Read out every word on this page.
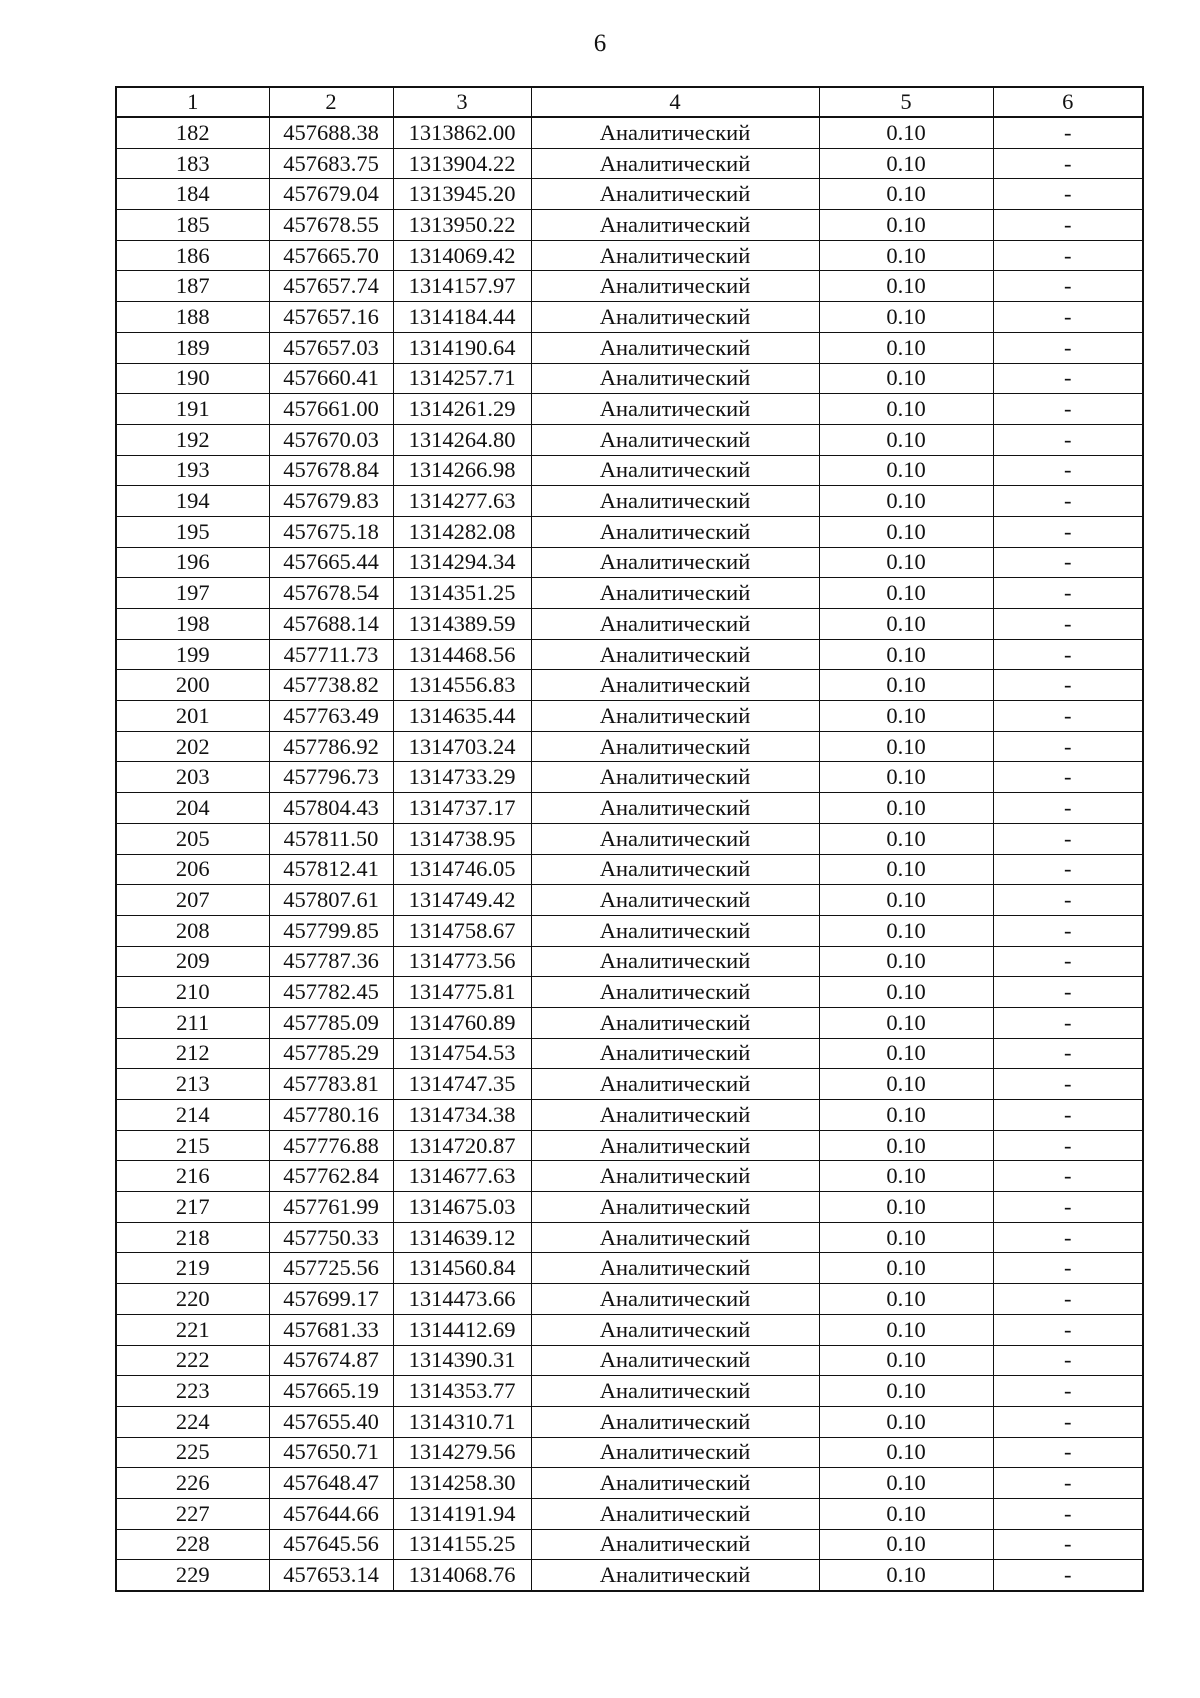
6
1	2	3	4	5	6
182	457688.38	1313862.00	Аналитический	0.10	-
183	457683.75	1313904.22	Аналитический	0.10	-
184	457679.04	1313945.20	Аналитический	0.10	-
185	457678.55	1313950.22	Аналитический	0.10	-
186	457665.70	1314069.42	Аналитический	0.10	-
187	457657.74	1314157.97	Аналитический	0.10	-
188	457657.16	1314184.44	Аналитический	0.10	-
189	457657.03	1314190.64	Аналитический	0.10	-
190	457660.41	1314257.71	Аналитический	0.10	-
191	457661.00	1314261.29	Аналитический	0.10	-
192	457670.03	1314264.80	Аналитический	0.10	-
193	457678.84	1314266.98	Аналитический	0.10	-
194	457679.83	1314277.63	Аналитический	0.10	-
195	457675.18	1314282.08	Аналитический	0.10	-
196	457665.44	1314294.34	Аналитический	0.10	-
197	457678.54	1314351.25	Аналитический	0.10	-
198	457688.14	1314389.59	Аналитический	0.10	-
199	457711.73	1314468.56	Аналитический	0.10	-
200	457738.82	1314556.83	Аналитический	0.10	-
201	457763.49	1314635.44	Аналитический	0.10	-
202	457786.92	1314703.24	Аналитический	0.10	-
203	457796.73	1314733.29	Аналитический	0.10	-
204	457804.43	1314737.17	Аналитический	0.10	-
205	457811.50	1314738.95	Аналитический	0.10	-
206	457812.41	1314746.05	Аналитический	0.10	-
207	457807.61	1314749.42	Аналитический	0.10	-
208	457799.85	1314758.67	Аналитический	0.10	-
209	457787.36	1314773.56	Аналитический	0.10	-
210	457782.45	1314775.81	Аналитический	0.10	-
211	457785.09	1314760.89	Аналитический	0.10	-
212	457785.29	1314754.53	Аналитический	0.10	-
213	457783.81	1314747.35	Аналитический	0.10	-
214	457780.16	1314734.38	Аналитический	0.10	-
215	457776.88	1314720.87	Аналитический	0.10	-
216	457762.84	1314677.63	Аналитический	0.10	-
217	457761.99	1314675.03	Аналитический	0.10	-
218	457750.33	1314639.12	Аналитический	0.10	-
219	457725.56	1314560.84	Аналитический	0.10	-
220	457699.17	1314473.66	Аналитический	0.10	-
221	457681.33	1314412.69	Аналитический	0.10	-
222	457674.87	1314390.31	Аналитический	0.10	-
223	457665.19	1314353.77	Аналитический	0.10	-
224	457655.40	1314310.71	Аналитический	0.10	-
225	457650.71	1314279.56	Аналитический	0.10	-
226	457648.47	1314258.30	Аналитический	0.10	-
227	457644.66	1314191.94	Аналитический	0.10	-
228	457645.56	1314155.25	Аналитический	0.10	-
229	457653.14	1314068.76	Аналитический	0.10	-
